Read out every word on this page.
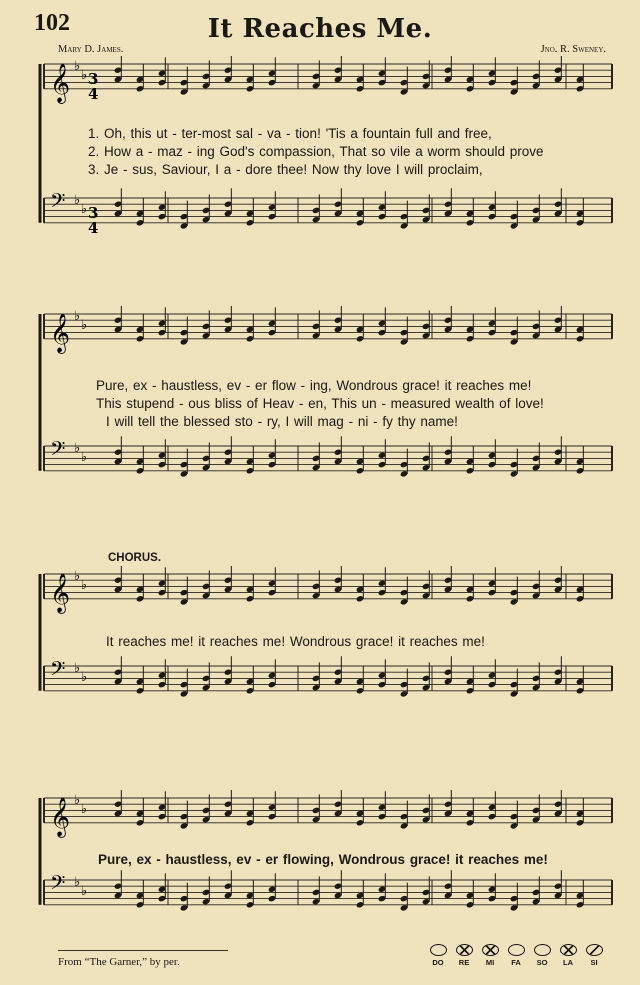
102	It Reaches Me.
Mary D. James.	Jno. R. Sweney.
𝄞 ♭
♭
𝄢 ♭
♭
3
4
3
4
1. Oh, this ut - ter-most sal - va - tion! 'Tis a fountain full and free,
2. How a - maz - ing God's compassion, That so vile a worm should prove
3. Je - sus, Saviour, I a - dore thee! Now thy love I will proclaim,
𝄞 ♭
♭
𝄢 ♭
♭
Pure, ex - haustless, ev - er flow - ing, Wondrous grace! it reaches me!
This stupend - ous bliss of Heav - en, This un - measured wealth of love!
I will tell the blessed sto - ry, I will mag - ni - fy thy name!
CHORUS.
𝄞 ♭
♭
𝄢 ♭
♭
It reaches me! it reaches me! Wondrous grace! it reaches me!
𝄞 ♭
♭
𝄢 ♭
♭
Pure, ex - haustless, ev - er flowing, Wondrous grace! it reaches me!
From “The Garner,” by per.	DO RE MI FA SO LA SI
